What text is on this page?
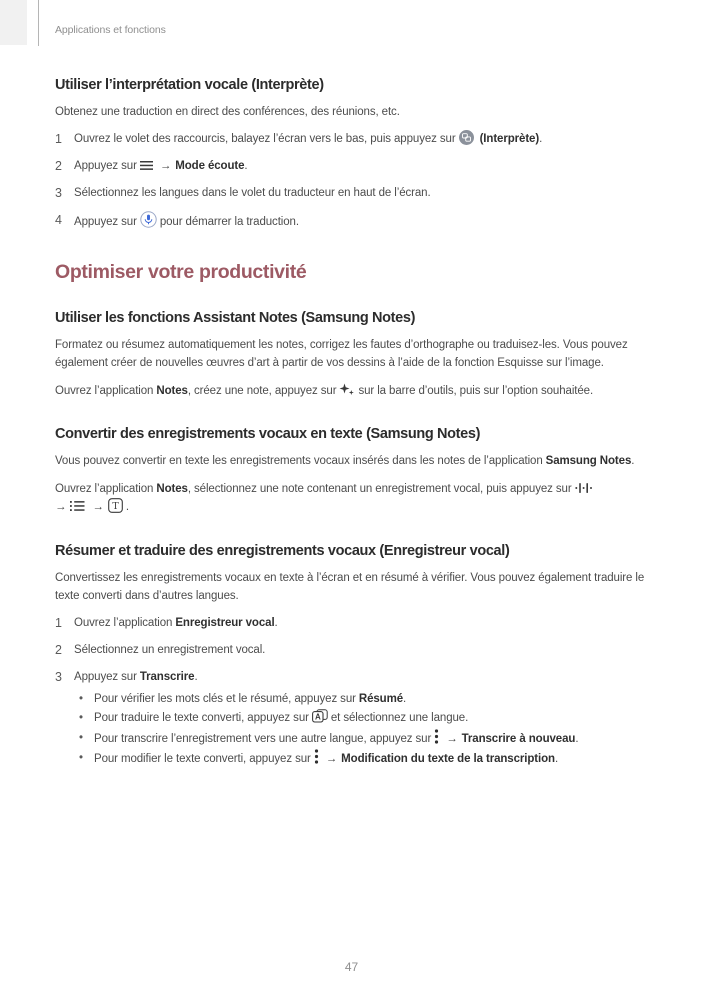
Applications et fonctions
Utiliser l’interprétation vocale (Interprète)

Obtenez une traduction en direct des conférences, des réunions, etc.

1	Ouvrez le volet des raccourcis, balayez l’écran vers le bas, puis appuyez sur (Interprète).
2	Appuyez sur → Mode écoute.
3	Sélectionnez les langues dans le volet du traducteur en haut de l’écran.
4	Appuyez sur pour démarrer la traduction.
Optimiser votre productivité
Utiliser les fonctions Assistant Notes (Samsung Notes)

Formatez ou résumez automatiquement les notes, corrigez les fautes d’orthographe ou traduisez-les. Vous pouvez également créer de nouvelles œuvres d’art à partir de vos dessins à l’aide de la fonction Esquisse sur l’image.

Ouvrez l’application Notes, créez une note, appuyez sur sur la barre d’outils, puis sur l’option souhaitée.

Convertir des enregistrements vocaux en texte (Samsung Notes)

Vous pouvez convertir en texte les enregistrements vocaux insérés dans les notes de l’application Samsung Notes.

Ouvrez l’application Notes, sélectionnez une note contenant un enregistrement vocal, puis appuyez sur

→ → T .
Résumer et traduire des enregistrements vocaux (Enregistreur vocal)

Convertissez les enregistrements vocaux en texte à l’écran et en résumé à vérifier. Vous pouvez également traduire le texte converti dans d’autres langues.

1	Ouvrez l’application Enregistreur vocal.
2	Sélectionnez un enregistrement vocal.
3	Appuyez sur Transcrire.
• Pour vérifier les mots clés et le résumé, appuyez sur Résumé.
• Pour traduire le texte converti, appuyez sur A et sélectionnez une langue.
• Pour transcrire l’enregistrement vers une autre langue, appuyez sur → Transcrire à nouveau.
• Pour modifier le texte converti, appuyez sur → Modification du texte de la transcription.
47
